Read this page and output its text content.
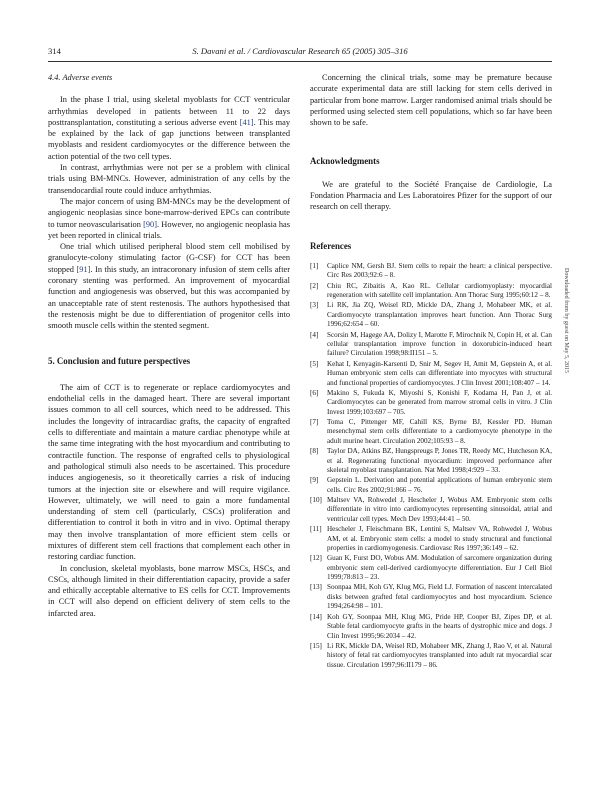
314	S. Davani et al. / Cardiovascular Research 65 (2005) 305–316
4.4. Adverse events

In the phase I trial, using skeletal myoblasts for CCT ventricular arrhythmias developed in patients between 11 to 22 days posttransplantation, constituting a serious adverse event [41]. This may be explained by the lack of gap junctions between transplanted myoblasts and resident cardiomyocytes or the difference between the action potential of the two cell types.

In contrast, arrhythmias were not per se a problem with clinical trials using BM-MNCs. However, administration of any cells by the transendocardial route could induce arrhythmias.

The major concern of using BM-MNCs may be the development of angiogenic neoplasias since bone-marrow-derived EPCs can contribute to tumor neovascularisation [90]. However, no angiogenic neoplasia has yet been reported in clinical trials.

One trial which utilised peripheral blood stem cell mobilised by granulocyte-colony stimulating factor (G-CSF) for CCT has been stopped [91]. In this study, an intracoronary infusion of stem cells after coronary stenting was performed. An improvement of myocardial function and angiogenesis was observed, but this was accompanied by an unacceptable rate of stent restenosis. The authors hypothesised that the restenosis might be due to differentiation of progenitor cells into smooth muscle cells within the stented segment.

5. Conclusion and future perspectives

The aim of CCT is to regenerate or replace cardiomyocytes and endothelial cells in the damaged heart. There are several important issues common to all cell sources, which need to be addressed. This includes the longevity of intracardiac grafts, the capacity of engrafted cells to differentiate and maintain a mature cardiac phenotype while at the same time integrating with the host myocardium and contributing to contractile function. The response of engrafted cells to physiological and pathological stimuli also needs to be ascertained. This procedure induces angiogenesis, so it theoretically carries a risk of inducing tumors at the injection site or elsewhere and will require vigilance. However, ultimately, we will need to gain a more fundamental understanding of stem cell (particularly, CSCs) proliferation and differentiation to control it both in vitro and in vivo. Optimal therapy may then involve transplantation of more efficient stem cells or mixtures of different stem cell fractions that complement each other in restoring cardiac function.

In conclusion, skeletal myoblasts, bone marrow MSCs, HSCs, and CSCs, although limited in their differentiation capacity, provide a safer and ethically acceptable alternative to ES cells for CCT. Improvements in CCT will also depend on efficient delivery of stem cells to the infarcted area.

Concerning the clinical trials, some may be premature because accurate experimental data are still lacking for stem cells derived in particular from bone marrow. Larger randomised animal trials should be performed using selected stem cell populations, which so far have been shown to be safe.

Acknowledgments

We are grateful to the Société Française de Cardiologie, La Fondation Pharmacia and Les Laboratoires Pfizer for the support of our research on cell therapy.

References
[1] Caplice NM, Gersh BJ. Stem cells to repair the heart: a clinical perspective. Circ Res 2003;92:6 – 8.
[2] Chiu RC, Zibaitis A, Kao RL. Cellular cardiomyoplasty: myocardial regeneration with satellite cell implantation. Ann Thorac Surg 1995;60:12 – 8.
[3] Li RK, Jia ZQ, Weisel RD, Mickle DA, Zhang J, Mohabeer MK, et al. Cardiomyocyte transplantation improves heart function. Ann Thorac Surg 1996;62:654 – 60.
[4] Scorsin M, Hagege AA, Dolizy I, Marotte F, Mirochnik N, Copin H, et al. Can cellular transplantation improve function in doxorubicin-induced heart failure? Circulation 1998;98:II151 – 5.
[5] Kehat I, Kenyagin-Karsenti D, Snir M, Segev H, Amit M, Gepstein A, et al. Human embryonic stem cells can differentiate into myocytes with structural and functional properties of cardiomyocytes. J Clin Invest 2001;108:407 – 14.
[6] Makino S, Fukuda K, Miyoshi S, Konishi F, Kodama H, Pan J, et al. Cardiomyocytes can be generated from marrow stromal cells in vitro. J Clin Invest 1999;103:697 – 705.
[7] Toma C, Pittenger MF, Cahill KS, Byrne BJ, Kessler PD. Human mesenchymal stem cells differentiate to a cardiomyocyte phenotype in the adult murine heart. Circulation 2002;105:93 – 8.
[8] Taylor DA, Atkins BZ, Hungspreugs P, Jones TR, Reedy MC, Hutcheson KA, et al. Regenerating functional myocardium: improved performance after skeletal myoblast transplantation. Nat Med 1998;4:929 – 33.
[9] Gepstein L. Derivation and potential applications of human embryonic stem cells. Circ Res 2002;91:866 – 76.
[10] Maltsev VA, Rohwedel J, Hescheler J, Wobus AM. Embryonic stem cells differentiate in vitro into cardiomyocytes representing sinusoidal, atrial and ventricular cell types. Mech Dev 1993;44:41 – 50.
[11] Hescheler J, Fleischmann BK, Lentini S, Maltsev VA, Rohwedel J, Wobus AM, et al. Embryonic stem cells: a model to study structural and functional properties in cardiomyogenesis. Cardiovasc Res 1997;36:149 – 62.
[12] Guan K, Furst DO, Wobus AM. Modulation of sarcomere organization during embryonic stem cell-derived cardiomyocyte differentiation. Eur J Cell Biol 1999;78:813 – 23.
[13] Soonpaa MH, Koh GY, Klug MG, Field LJ. Formation of nascent intercalated disks between grafted fetal cardiomyocytes and host myocardium. Science 1994;264:98 – 101.
[14] Koh GY, Soonpaa MH, Klug MG, Pride HP, Cooper BJ, Zipes DP, et al. Stable fetal cardiomyocyte grafts in the hearts of dystrophic mice and dogs. J Clin Invest 1995;96:2034 – 42.
[15] Li RK, Mickle DA, Weisel RD, Mohabeer MK, Zhang J, Rao V, et al. Natural history of fetal rat cardiomyocytes transplanted into adult rat myocardial scar tissue. Circulation 1997;96:II179 – 86.
Downloaded from by guest on May 5, 2015
